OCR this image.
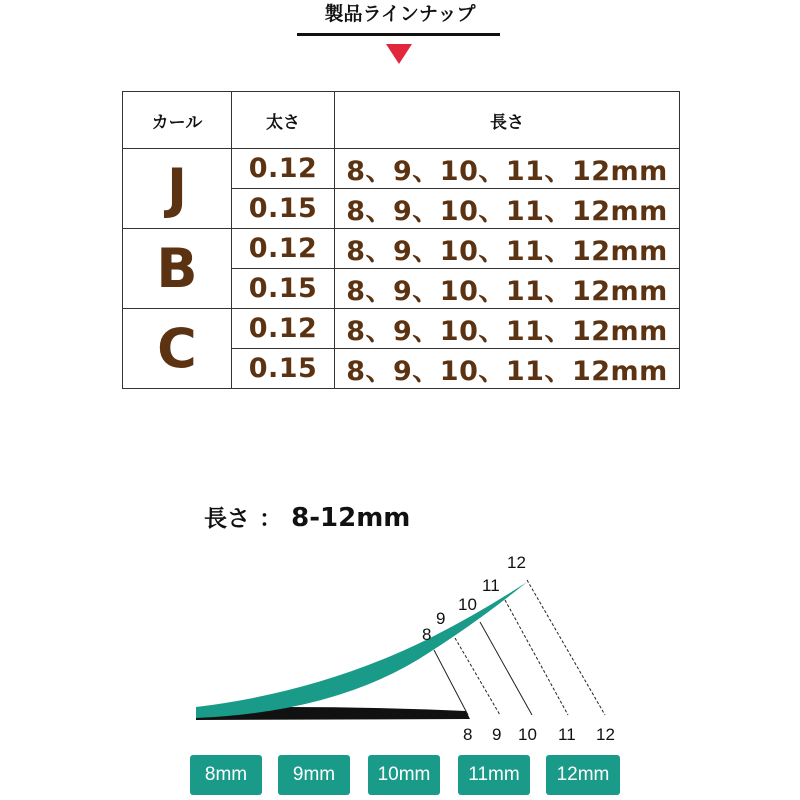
製品ラインナップ
カール	太さ	長さ
J	0.12	8、9、10、11、12mm
	0.15	8、9、10、11、12mm
B	0.12	8、9、10、11、12mm
	0.15	8、9、10、11、12mm
C	0.12	8、9、10、11、12mm
	0.15	8、9、10、11、12mm
長さ ： 8-12mm
8
9
10
11
12
8 9 10 11 12
8mm	9mm	10mm	11mm	12mm
